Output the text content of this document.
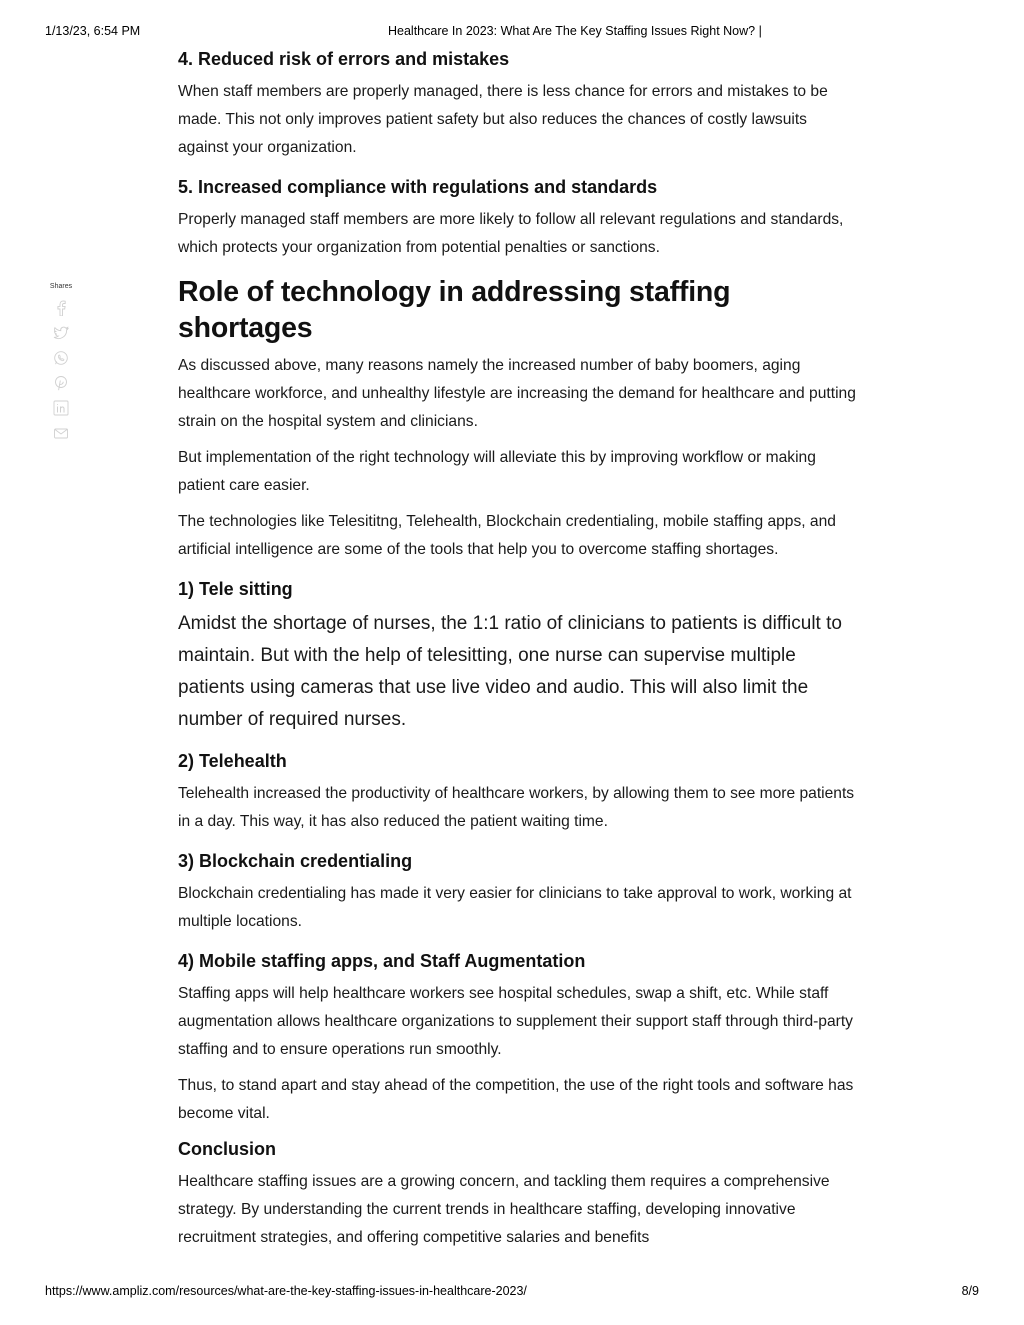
1/13/23, 6:54 PM	Healthcare In 2023: What Are The Key Staffing Issues Right Now? |
Shares
4. Reduced risk of errors and mistakes

When staff members are properly managed, there is less chance for errors and mistakes to be made. This not only improves patient safety but also reduces the chances of costly lawsuits against your organization.

5. Increased compliance with regulations and standards

Properly managed staff members are more likely to follow all relevant regulations and standards, which protects your organization from potential penalties or sanctions.

Role of technology in addressing staffing shortages

As discussed above, many reasons namely the increased number of baby boomers, aging healthcare workforce, and unhealthy lifestyle are increasing the demand for healthcare and putting strain on the hospital system and clinicians.

But implementation of the right technology will alleviate this by improving workflow or making patient care easier.

The technologies like Telesititng, Telehealth, Blockchain credentialing, mobile staffing apps, and artificial intelligence are some of the tools that help you to overcome staffing shortages.

1) Tele sitting

Amidst the shortage of nurses, the 1:1 ratio of clinicians to patients is difficult to maintain. But with the help of telesitting, one nurse can supervise multiple patients using cameras that use live video and audio. This will also limit the number of required nurses.

2) Telehealth

Telehealth increased the productivity of healthcare workers, by allowing them to see more patients in a day. This way, it has also reduced the patient waiting time.

3) Blockchain credentialing

Blockchain credentialing has made it very easier for clinicians to take approval to work, working at multiple locations.

4) Mobile staffing apps, and Staff Augmentation

Staffing apps will help healthcare workers see hospital schedules, swap a shift, etc. While staff augmentation allows healthcare organizations to supplement their support staff through third-party staffing and to ensure operations run smoothly.

Thus, to stand apart and stay ahead of the competition, the use of the right tools and software has become vital.

Conclusion

Healthcare staffing issues are a growing concern, and tackling them requires a comprehensive strategy. By understanding the current trends in healthcare staffing, developing innovative recruitment strategies, and offering competitive salaries and benefits

https://www.ampliz.com/resources/what-are-the-key-staffing-issues-in-healthcare-2023/	8/9
